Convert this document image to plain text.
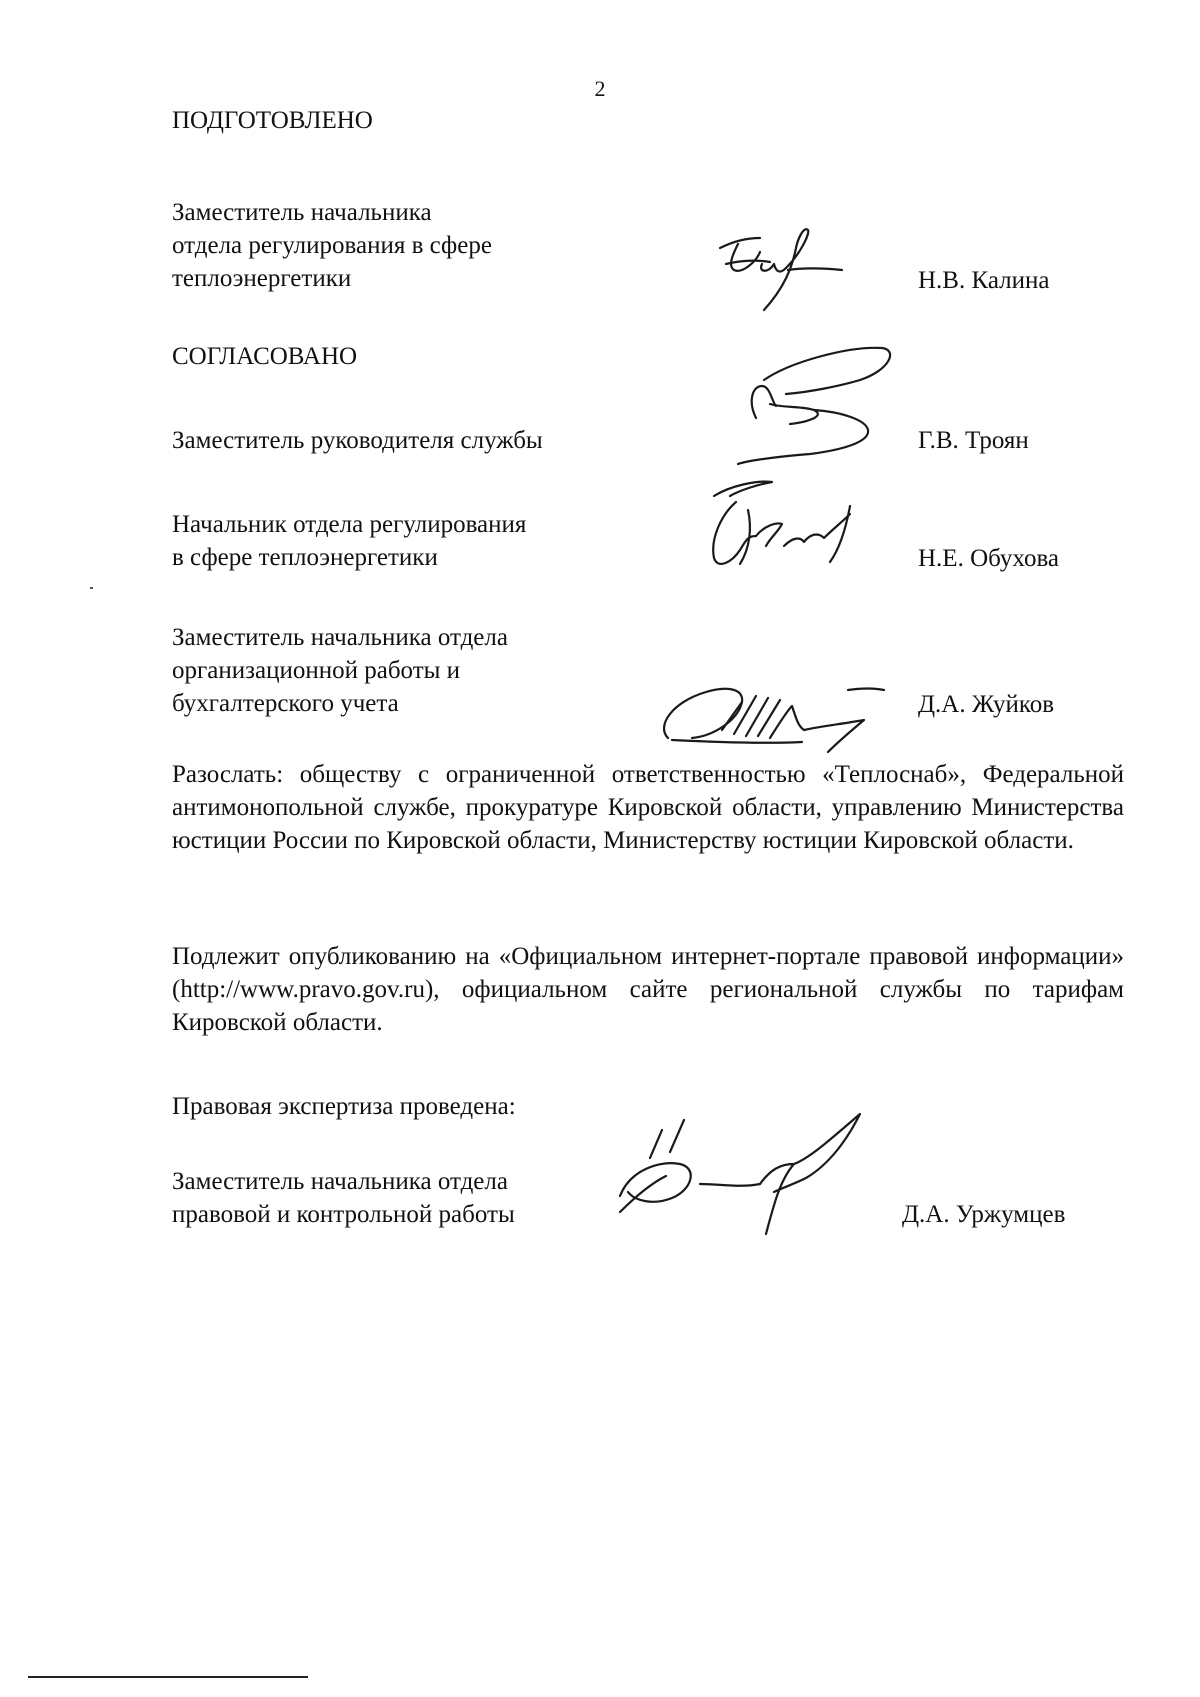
2
ПОДГОТОВЛЕНО
Заместитель начальника
отдела регулирования в сфере
теплоэнергетики	Н.В. Калина
СОГЛАСОВАНО
Заместитель руководителя службы	Г.В. Троян
Начальник отдела регулирования
в сфере теплоэнергетики	Н.Е. Обухова
Заместитель начальника отдела
организационной работы и
бухгалтерского учета	Д.А. Жуйков
Разослать: обществу с ограниченной ответственностью «Теплоснаб», Федеральной антимонопольной службе, прокуратуре Кировской области, управлению Министерства юстиции России по Кировской области, Министерству юстиции Кировской области.
Подлежит опубликованию на «Официальном интернет-портале правовой информации» (http://www.pravo.gov.ru), официальном сайте региональной службы по тарифам Кировской области.
Правовая экспертиза проведена:
Заместитель начальника отдела
правовой и контрольной работы	Д.А. Уржумцев
